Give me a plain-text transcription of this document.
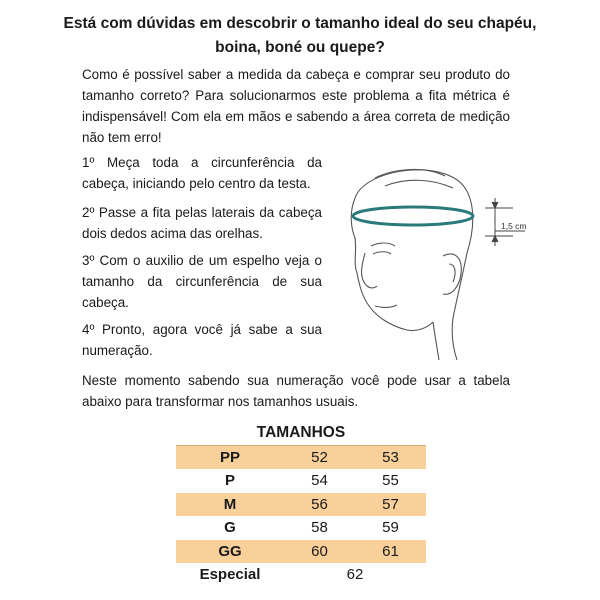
Está com dúvidas em descobrir o tamanho ideal do seu chapéu,
boina, boné ou quepe?
Como é possível saber a medida da cabeça e comprar seu produto do tamanho correto? Para solucionarmos este problema a fita métrica é indispensável! Com ela em mãos e sabendo a área correta de medição não tem erro!
1º Meça toda a circunferência da cabeça, iniciando pelo centro da testa.
2º Passe a fita pelas laterais da cabeça dois dedos acima das orelhas.
3º Com o auxilio de um espelho veja o tamanho da circunferência de sua cabeça.
4º Pronto, agora você já sabe a sua numeração.
1,5 cm
Neste momento sabendo sua numeração você pode usar a tabela abaixo para transformar nos tamanhos usuais.
TAMANHOS		
PP	52	53
P	54	55
M	56	57
G	58	59
GG	60	61
Especial	62	
